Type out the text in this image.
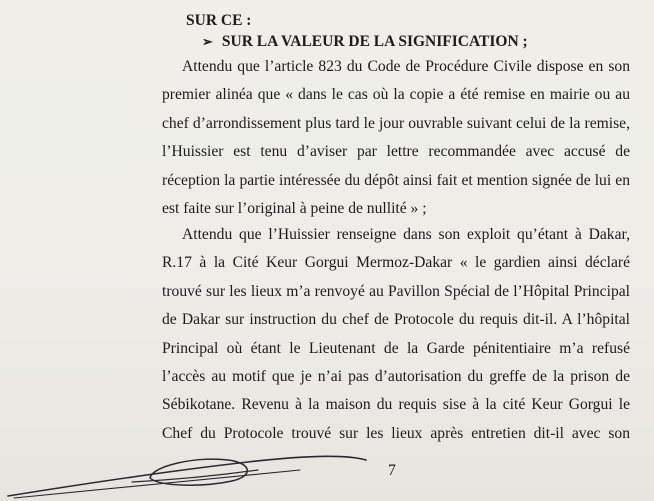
SUR CE :

➢ SUR LA VALEUR DE LA SIGNIFICATION ;

Attendu que l’article 823 du Code de Procédure Civile dispose en son
premier alinéa que « dans le cas où la copie a été remise en mairie ou au
chef d’arrondissement plus tard le jour ouvrable suivant celui de la remise,
l’Huissier est tenu d’aviser par lettre recommandée avec accusé de
réception la partie intéressée du dépôt ainsi fait et mention signée de lui en
est faite sur l’original à peine de nullité » ;
Attendu que l’Huissier renseigne dans son exploit qu’étant à Dakar,
R.17 à la Cité Keur Gorgui Mermoz-Dakar « le gardien ainsi déclaré
trouvé sur les lieux m’a renvoyé au Pavillon Spécial de l’Hôpital Principal
de Dakar sur instruction du chef de Protocole du requis dit-il. A l’hôpital
Principal où étant le Lieutenant de la Garde pénitentiaire m’a refusé
l’accès au motif que je n’ai pas d’autorisation du greffe de la prison de
Sébikotane. Revenu à la maison du requis sise à la cité Keur Gorgui le
Chef du Protocole trouvé sur les lieux après entretien dit-il avec son

7
